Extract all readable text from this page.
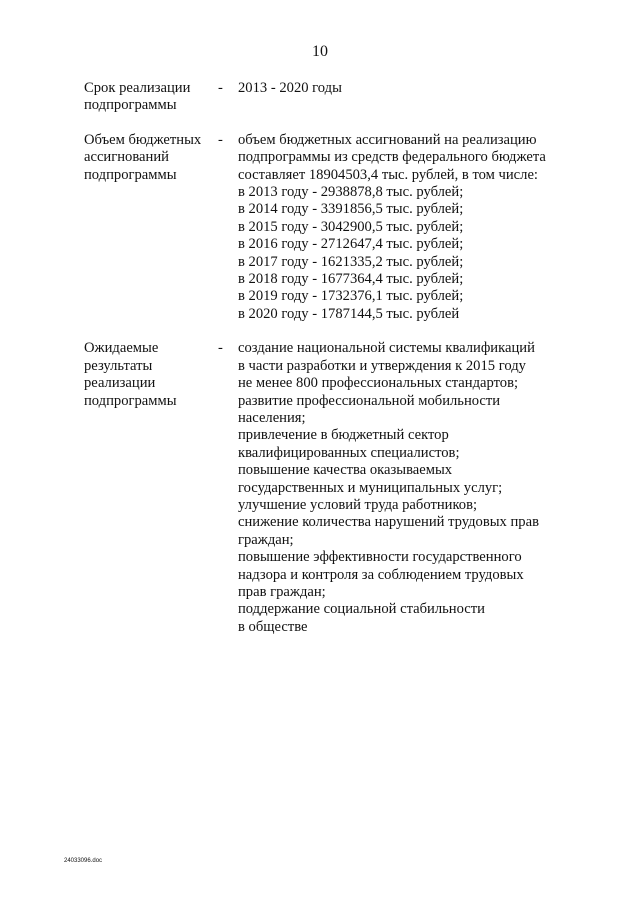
10
Срок реализации
подпрограммы
-	2013 - 2020 годы
Объем бюджетных
ассигнований
подпрограммы
-	объем бюджетных ассигнований на реализацию
подпрограммы из средств федерального бюджета
составляет 18904503,4 тыс. рублей, в том числе:
в 2013 году - 2938878,8 тыс. рублей;
в 2014 году - 3391856,5 тыс. рублей;
в 2015 году - 3042900,5 тыс. рублей;
в 2016 году - 2712647,4 тыс. рублей;
в 2017 году - 1621335,2 тыс. рублей;
в 2018 году - 1677364,4 тыс. рублей;
в 2019 году - 1732376,1 тыс. рублей;
в 2020 году - 1787144,5 тыс. рублей
Ожидаемые
результаты
реализации
подпрограммы
-	создание национальной системы квалификаций
в части разработки и утверждения к 2015 году
не менее 800 профессиональных стандартов;
развитие профессиональной мобильности
населения;
привлечение в бюджетный сектор
квалифицированных специалистов;
повышение качества оказываемых
государственных и муниципальных услуг;
улучшение условий труда работников;
снижение количества нарушений трудовых прав
граждан;
повышение эффективности государственного
надзора и контроля за соблюдением трудовых
прав граждан;
поддержание социальной стабильности
в обществе
24033096.doc
